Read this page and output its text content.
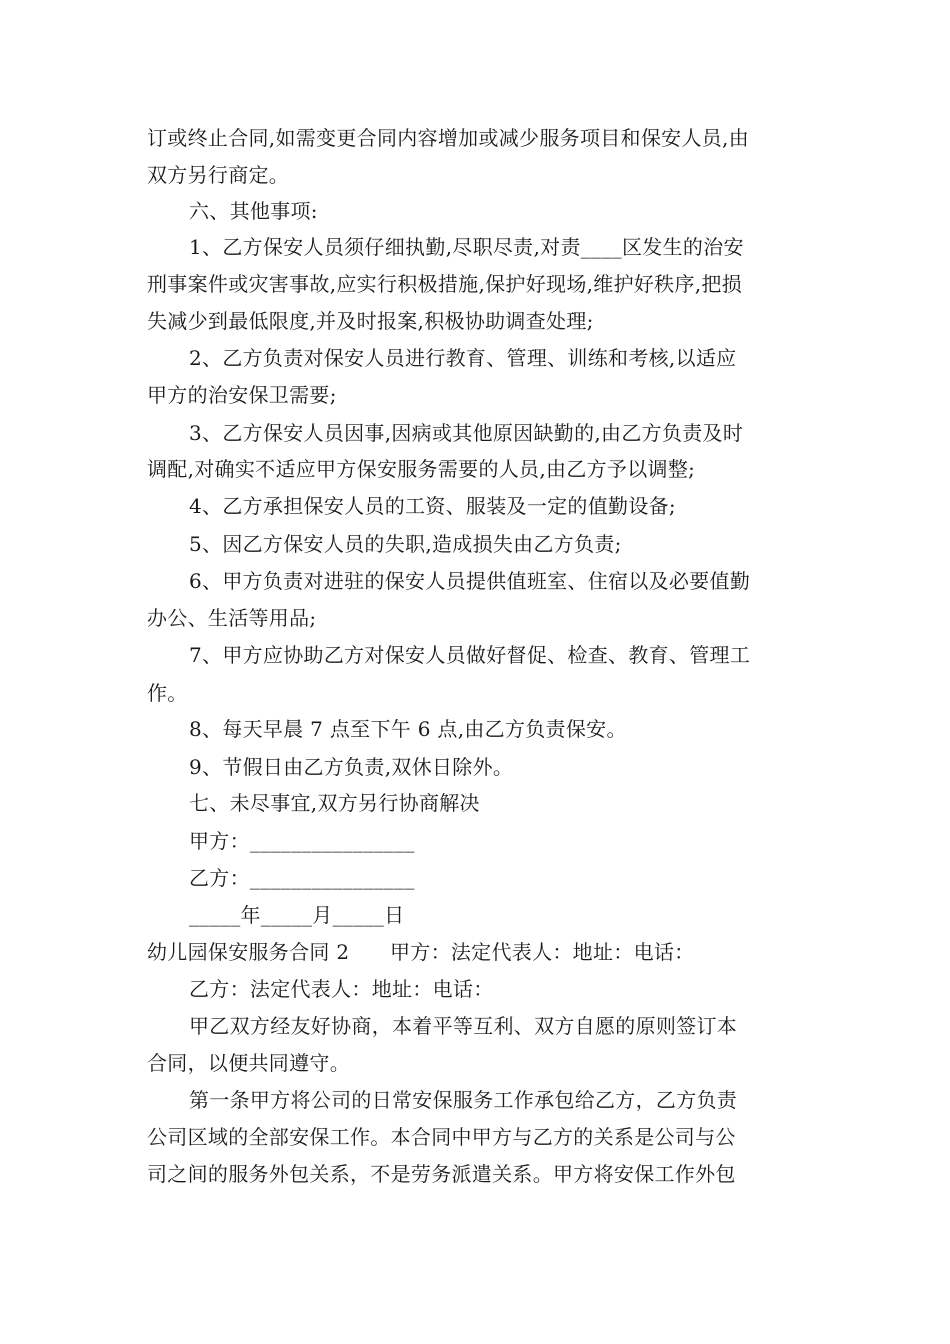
订或终止合同,如需变更合同内容增加或减少服务项目和保安人员,由
双方另行商定。
六、其他事项:
1、乙方保安人员须仔细执勤,尽职尽责,对责____区发生的治安
刑事案件或灾害事故,应实行积极措施,保护好现场,维护好秩序,把损
失减少到最低限度,并及时报案,积极协助调查处理;
2、乙方负责对保安人员进行教育、管理、训练和考核,以适应
甲方的治安保卫需要;
3、乙方保安人员因事,因病或其他原因缺勤的,由乙方负责及时
调配,对确实不适应甲方保安服务需要的人员,由乙方予以调整;
4、乙方承担保安人员的工资、服装及一定的值勤设备;
5、因乙方保安人员的失职,造成损失由乙方负责;
6、甲方负责对进驻的保安人员提供值班室、住宿以及必要值勤
办公、生活等用品;
7、甲方应协助乙方对保安人员做好督促、检查、教育、管理工
作。
8、每天早晨 7 点至下午 6 点,由乙方负责保安。
9、节假日由乙方负责,双休日除外。
七、未尽事宜,双方另行协商解决
甲方：________________
乙方：________________
_____年_____月_____日
幼儿园保安服务合同 2　　甲方：法定代表人：地址：电话：
乙方：法定代表人：地址：电话：
甲乙双方经友好协商，本着平等互利、双方自愿的原则签订本
合同，以便共同遵守。
第一条甲方将公司的日常安保服务工作承包给乙方，乙方负责
公司区域的全部安保工作。本合同中甲方与乙方的关系是公司与公
司之间的服务外包关系，不是劳务派遣关系。甲方将安保工作外包
